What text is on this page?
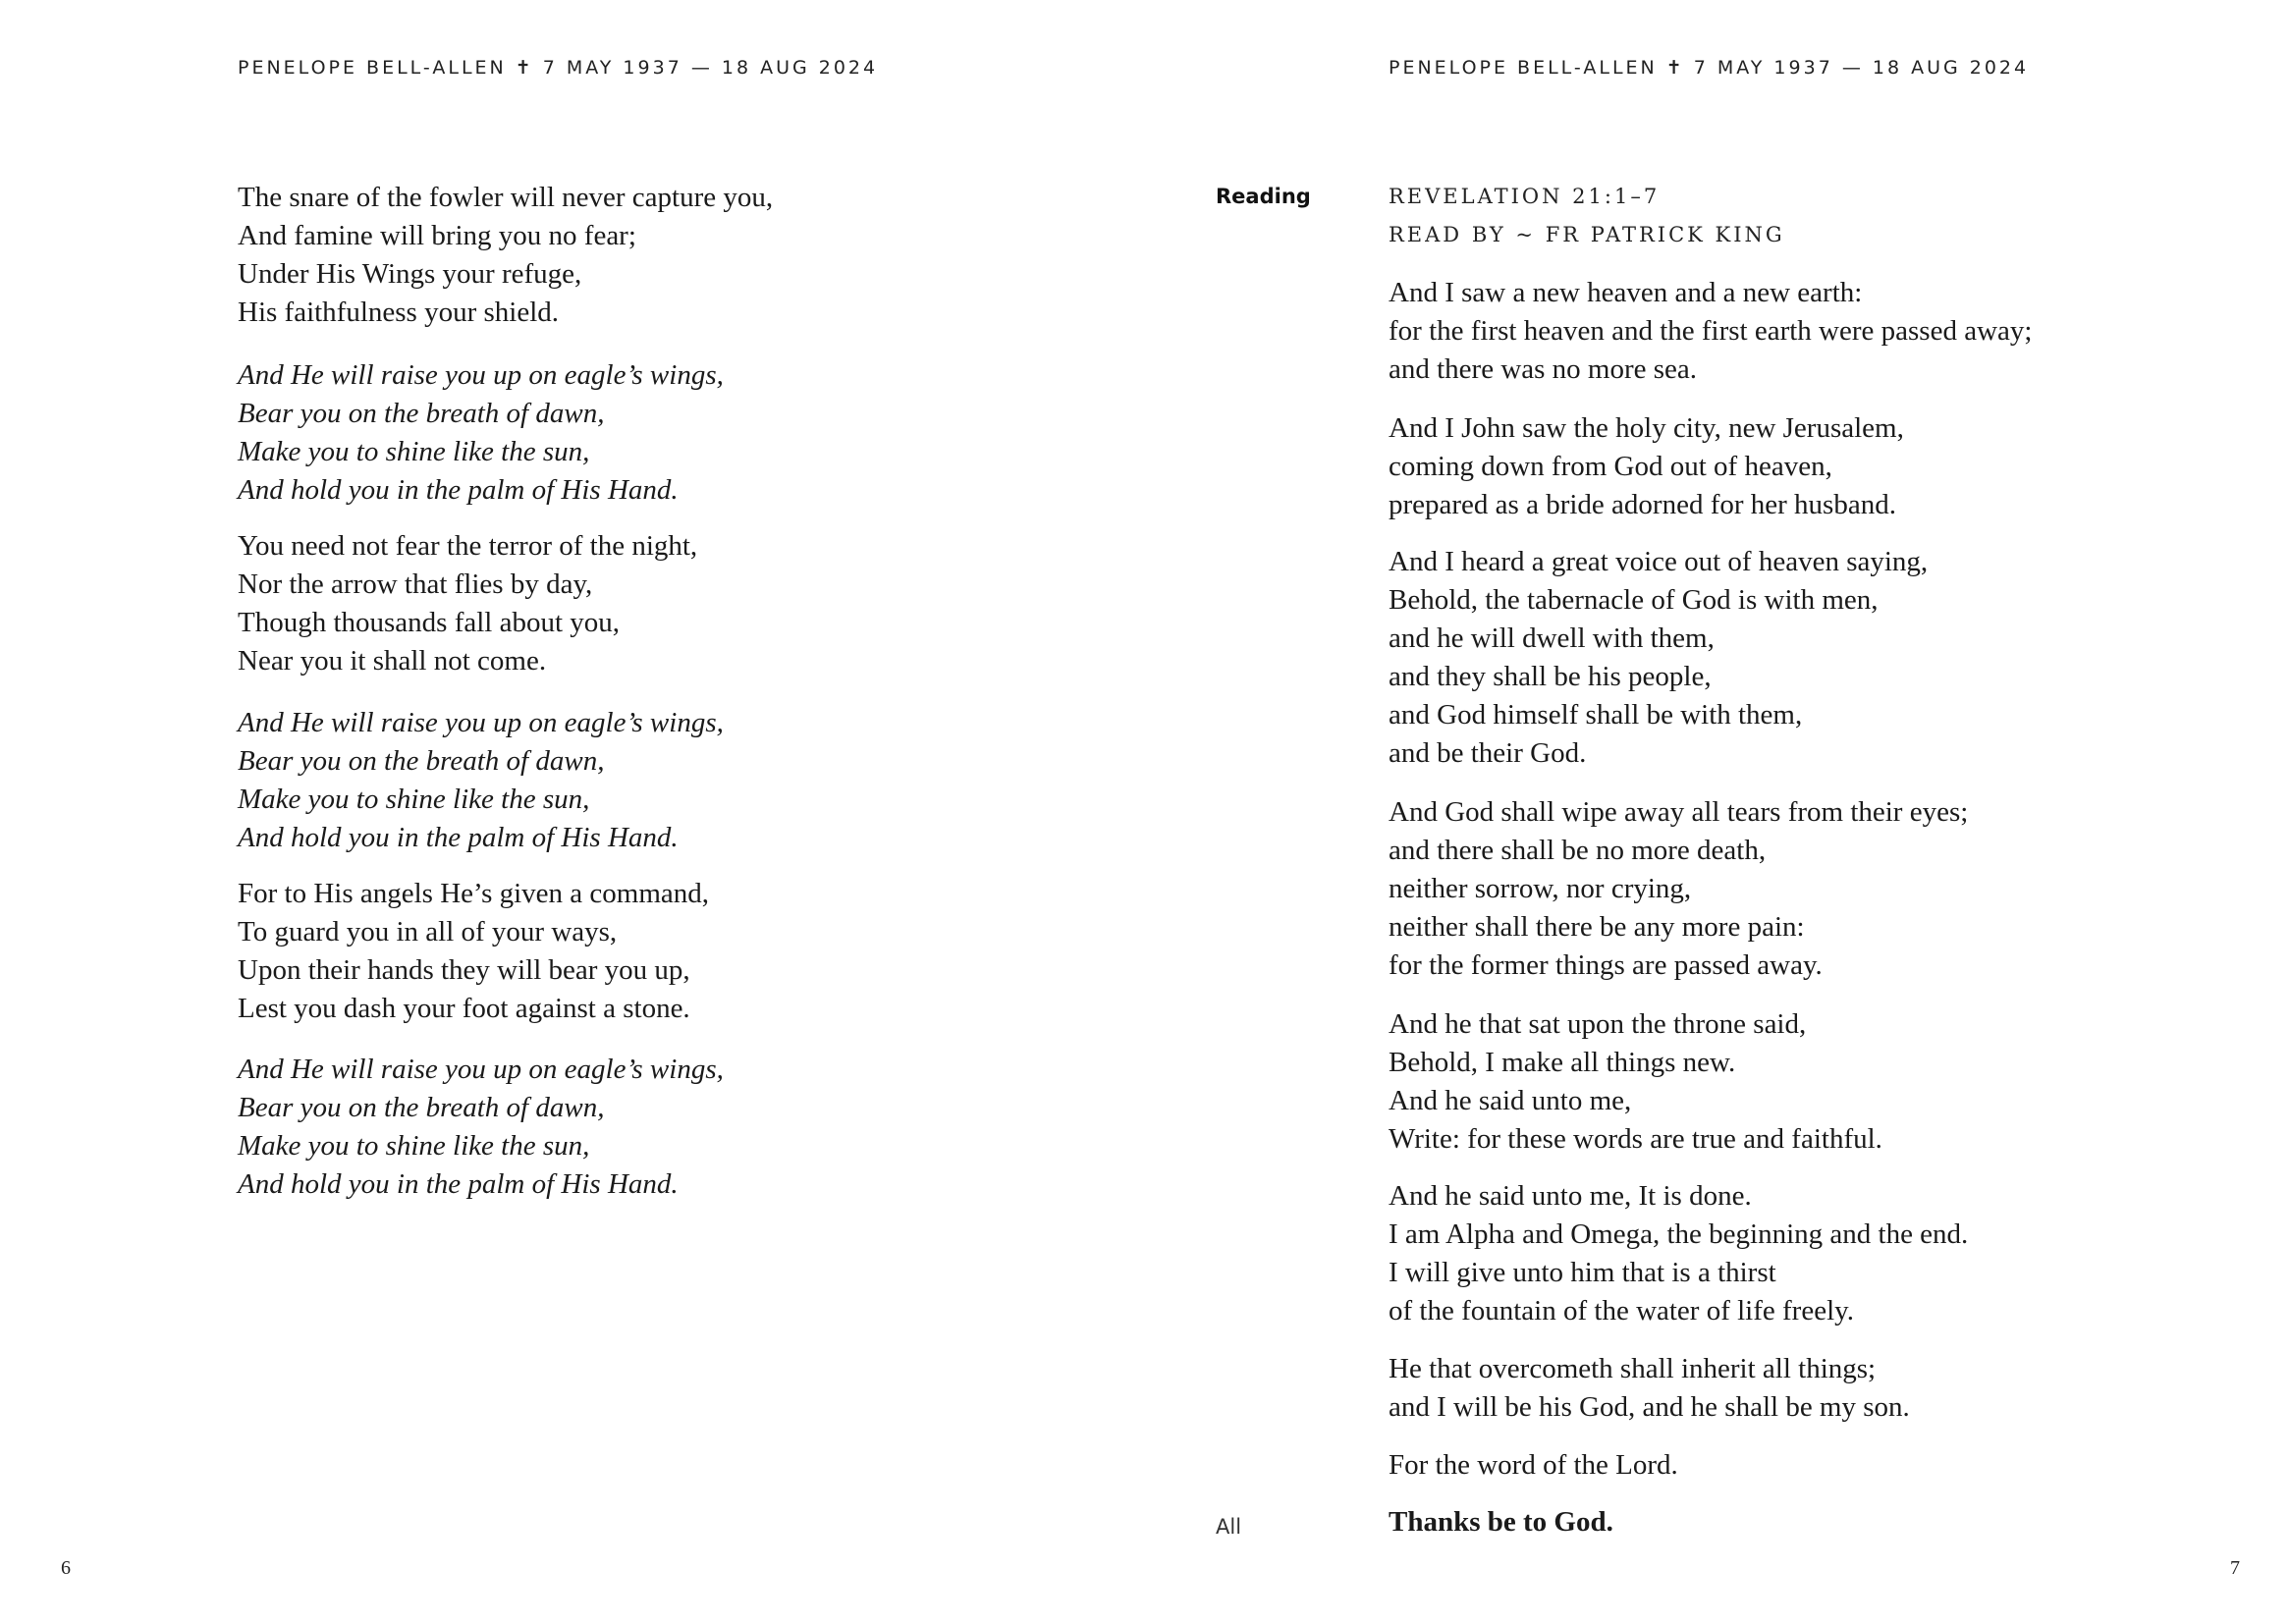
PENELOPE BELL-ALLEN ✝ 7 MAY 1937 — 18 AUG 2024
The snare of the fowler will never capture you,
And famine will bring you no fear;
Under His Wings your refuge,
His faithfulness your shield.
And He will raise you up on eagle’s wings,
Bear you on the breath of dawn,
Make you to shine like the sun,
And hold you in the palm of His Hand.
You need not fear the terror of the night,
Nor the arrow that flies by day,
Though thousands fall about you,
Near you it shall not come.
And He will raise you up on eagle’s wings,
Bear you on the breath of dawn,
Make you to shine like the sun,
And hold you in the palm of His Hand.
For to His angels He’s given a command,
To guard you in all of your ways,
Upon their hands they will bear you up,
Lest you dash your foot against a stone.
And He will raise you up on eagle’s wings,
Bear you on the breath of dawn,
Make you to shine like the sun,
And hold you in the palm of His Hand.
6
PENELOPE BELL-ALLEN ✝ 7 MAY 1937 — 18 AUG 2024
Reading	REVELATION 21:1–7
READ BY ~ FR PATRICK KING
And I saw a new heaven and a new earth:
for the first heaven and the first earth were passed away;
and there was no more sea.
And I John saw the holy city, new Jerusalem,
coming down from God out of heaven,
prepared as a bride adorned for her husband.
And I heard a great voice out of heaven saying,
Behold, the tabernacle of God is with men,
and he will dwell with them,
and they shall be his people,
and God himself shall be with them,
and be their God.
And God shall wipe away all tears from their eyes;
and there shall be no more death,
neither sorrow, nor crying,
neither shall there be any more pain:
for the former things are passed away.
And he that sat upon the throne said,
Behold, I make all things new.
And he said unto me,
Write: for these words are true and faithful.
And he said unto me, It is done.
I am Alpha and Omega, the beginning and the end.
I will give unto him that is a thirst
of the fountain of the water of life freely.
He that overcometh shall inherit all things;
and I will be his God, and he shall be my son.
For the word of the Lord.
All	Thanks be to God.
7
